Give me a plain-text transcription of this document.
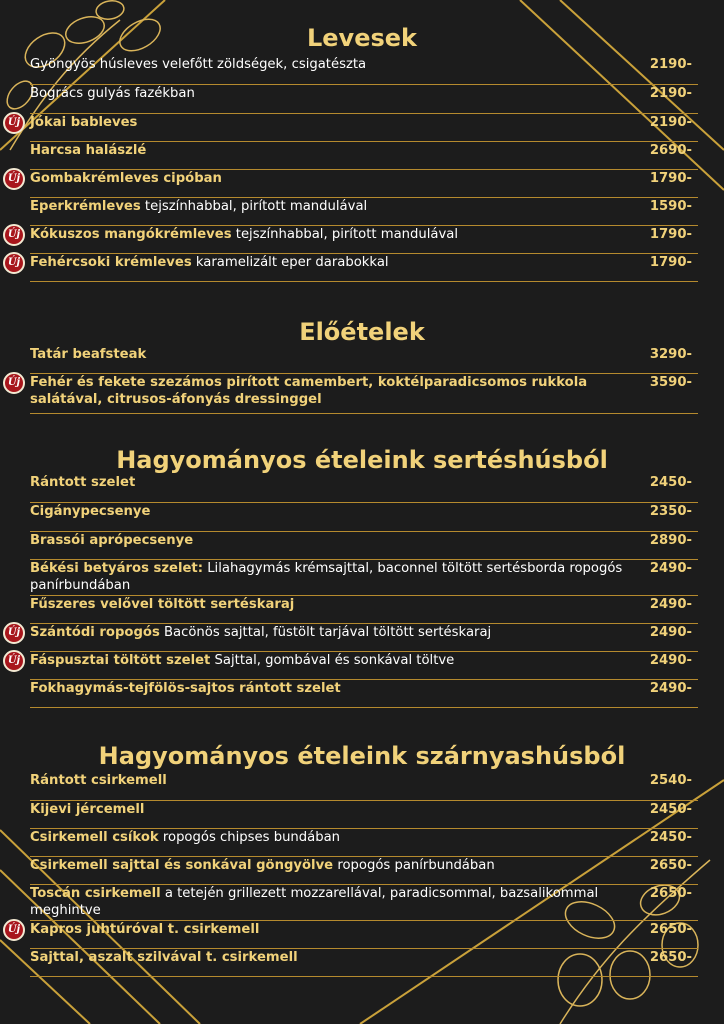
Levesek
Gyöngyös húsleves velefőtt zöldségek, csigatészta	2190-
Bogrács gulyás fazékban	2190-
Jókai bableves	2190-
Új
Harcsa halászlé	2690-
Gombakrémleves cipóban	1790-
Új
Eperkrémleves tejszínhabbal, pirított mandulával	1590-
Kókuszos mangókrémleves tejszínhabbal, pirított mandulával	1790-
Új
Fehércsoki krémleves karamelizált eper darabokkal	1790-
Új
Előételek
Tatár beafsteak	3290-
Fehér és fekete szezámos pirított camembert, koktélparadicsomos rukkola salátával, citrusos-áfonyás dressinggel
3590-
Új
Hagyományos ételeink sertéshúsból
Rántott szelet	2450-
Cigánypecsenye	2350-
Brassói aprópecsenye	2890-
Békési betyáros szelet: Lilahagymás krémsajttal, baconnel töltött sertésborda ropogós panírbundában
2490-
Fűszeres velővel töltött sertéskaraj	2490-
Szántódi ropogós Bacönös sajttal, füstölt tarjával töltött sertéskaraj	2490-
Új
Fáspusztai töltött szelet Sajttal, gombával és sonkával töltve	2490-
Új
Fokhagymás-tejfölös-sajtos rántott szelet	2490-
Hagyományos ételeink szárnyashúsból
Rántott csirkemell	2540-
Kijevi jércemell	2450-
Csirkemell csíkok ropogós chipses bundában	2450-
Csirkemell sajttal és sonkával göngyölve ropogós panírbundában	2650-
Toscán csirkemell a tetején grillezett mozzarellával, paradicsommal, bazsalikommal meghintve
2650-
Kapros juhtúróval t. csirkemell	2650-
Új
Sajttal, aszalt szilvával t. csirkemell	2650-
